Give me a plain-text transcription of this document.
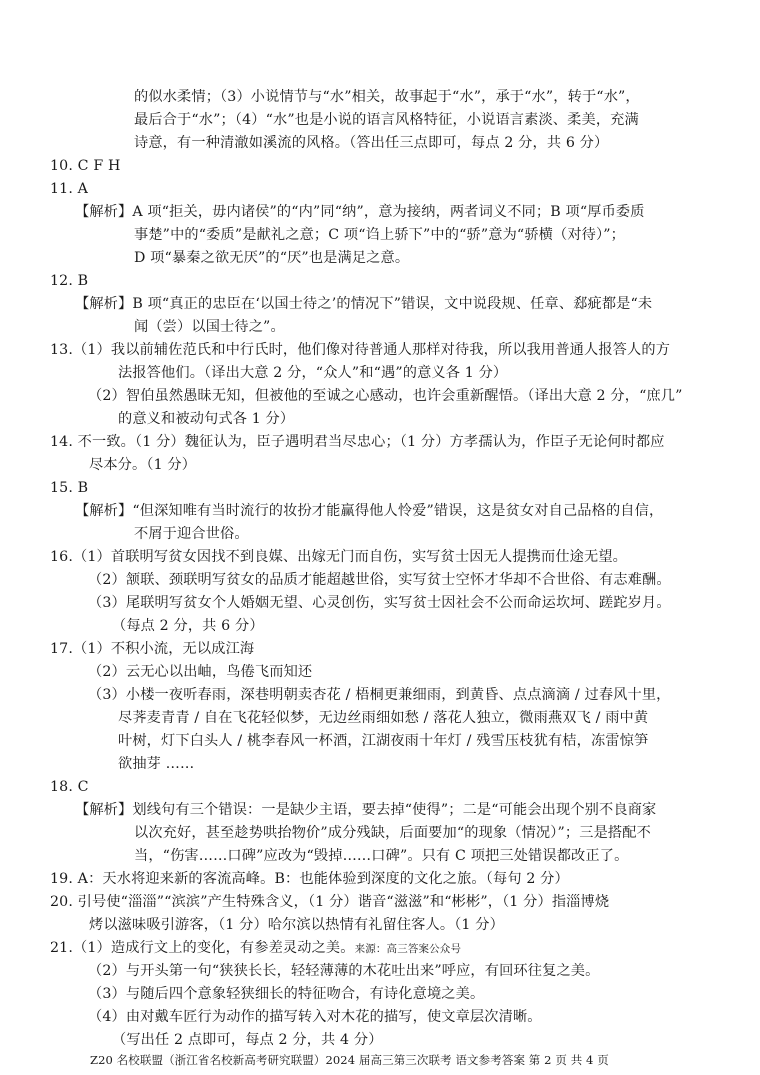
的似水柔情；（3）小说情节与“水”相关，故事起于“水”，承于“水”，转于“水”，
最后合于“水”；（4）“水”也是小说的语言风格特征，小说语言素淡、柔美，充满
诗意，有一种清澈如溪流的风格。（答出任三点即可，每点 2 分，共 6 分）
10. C F H
11. A
【解析】A 项“拒关，毋内诸侯”的“内”同“纳”，意为接纳，两者词义不同；B 项“厚币委质
事楚”中的“委质”是献礼之意；C 项“诌上骄下”中的“骄”意为“骄横（对待）”；
D 项“暴秦之欲无厌”的“厌”也是满足之意。
12. B
【解析】B 项“真正的忠臣在‘以国士待之’的情况下”错误，文中说段规、任章、郄疵都是“未
闻（尝）以国士待之”。
13.（1）我以前辅佐范氏和中行氏时，他们像对待普通人那样对待我，所以我用普通人报答人的方
法报答他们。（译出大意 2 分，“众人”和“遇”的意义各 1 分）
（2）智伯虽然愚昧无知，但被他的至诚之心感动，也许会重新醒悟。（译出大意 2 分，“庶几”
的意义和被动句式各 1 分）
14. 不一致。（1 分）魏征认为，臣子遇明君当尽忠心；（1 分）方孝孺认为，作臣子无论何时都应
尽本分。（1 分）
15. B
【解析】“但深知唯有当时流行的妆扮才能赢得他人怜爱”错误，这是贫女对自己品格的自信，
不屑于迎合世俗。
16.（1）首联明写贫女因找不到良媒、出嫁无门而自伤，实写贫士因无人提携而仕途无望。
（2）颔联、颈联明写贫女的品质才能超越世俗，实写贫士空怀才华却不合世俗、有志难酬。
（3）尾联明写贫女个人婚姻无望、心灵创伤，实写贫士因社会不公而命运坎坷、蹉跎岁月。
（每点 2 分，共 6 分）
17.（1）不积小流，无以成江海
（2）云无心以出岫，鸟倦飞而知还
（3）小楼一夜听春雨，深巷明朝卖杏花 / 梧桐更兼细雨，到黄昏、点点滴滴 / 过春风十里，
尽荠麦青青 / 自在飞花轻似梦，无边丝雨细如愁 / 落花人独立，微雨燕双飞 / 雨中黄
叶树，灯下白头人 / 桃李春风一杯酒，江湖夜雨十年灯 / 残雪压枝犹有桔，冻雷惊笋
欲抽芽 ……
18. C
【解析】划线句有三个错误：一是缺少主语，要去掉“使得”；二是“可能会出现个别不良商家
以次充好，甚至趁势哄抬物价”成分残缺，后面要加“的现象（情况）”；三是搭配不
当，“伤害……口碑”应改为“毁掉……口碑”。只有 C 项把三处错误都改正了。
19. A：天水将迎来新的客流高峰。B：也能体验到深度的文化之旅。（每句 2 分）
20. 引号使“淄淄”“滨滨”产生特殊含义，（1 分）谐音“滋滋”和“彬彬”，（1 分）指淄博烧
烤以滋味吸引游客，（1 分）哈尔滨以热情有礼留住客人。（1 分）
21.（1）造成行文上的变化，有参差灵动之美。来源：高三答案公众号
（2）与开头第一句“狭狭长长，轻轻薄薄的木花吐出来”呼应，有回环往复之美。
（3）与随后四个意象轻狭细长的特征吻合，有诗化意境之美。
（4）由对戴车匠行为动作的描写转入对木花的描写，使文章层次清晰。
（写出任 2 点即可，每点 2 分，共 4 分）
Z20 名校联盟（浙江省名校新高考研究联盟）2024 届高三第三次联考 语文参考答案 第 2 页 共 4 页
